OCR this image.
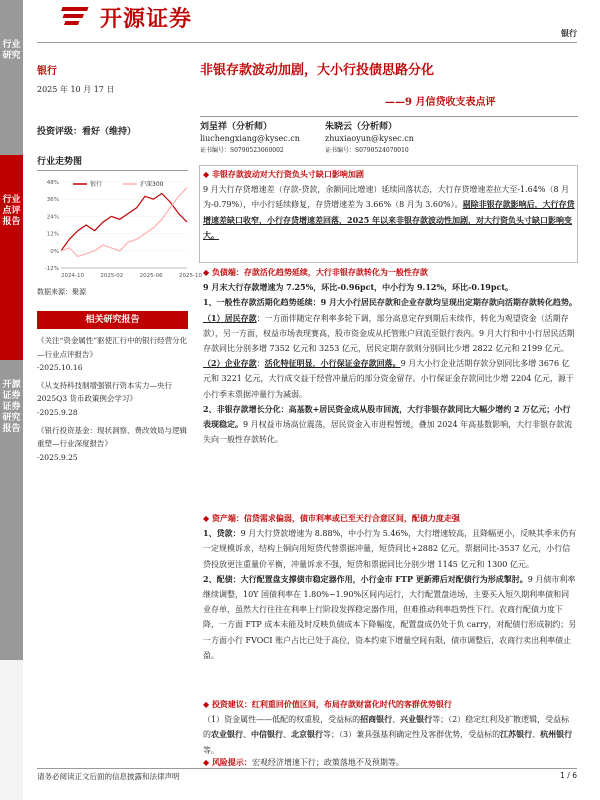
行业研究
行业点评报告
开源证券 证券研究报告
开源证券
银行
银行
2025 年 10 月 17 日
投资评级：看好（维持）
行业走势图
-12%
0%
12%
24%
36%
48%
2024-10	2025-02	2025-06	2025-10
银行	沪深300
数据来源：聚源
相关研究报告
《关注“资金属性”驱使汇行中的银行经营分化—行业点评报告》
-2025.10.16
《从支持科技制增强银行资本实力—央行 2025Q3 货币政策例会学习》
-2025.9.28
《银行投资基金：现状洞察、费改效局与逻辑重塑—行业深度报告》
-2025.9.25
非银存款波动加剧，大小行投债思路分化
——9 月信贷收支表点评
刘呈祥（分析师）
liuchengxiang@kysec.cn
证书编号：S0790523060002
朱晓云（分析师）
zhuxiaoyun@kysec.cn
证书编号：S0790524070010

◆ 非银存款波动对大行资负头寸缺口影响加剧

9 月大行存贷增速差（存款-贷款，余额同比增速）延续回落状态，大行存贷增速差拉大至-1.64%（8 月为-0.79%），中小行延续修复，存贷增速差为 3.66%（8 月为 3.60%）。剔除非银存款影响后，大行存贷增速差缺口收窄，小行存贷增速差回落，2025 年以来非银存款波动性加剧，对大行资负头寸缺口影响变大。

◆ 负债端：存款活化趋势延续，大行非银存款转化为一般性存款

9 月末大行存款增速为 7.25%，环比-0.96pct，中小行为 9.12%，环比-0.19pct。

1、一般性存款活期化趋势延续：9 月大小行居民存款和企业存款均呈现出定期存款向活期存款转化趋势。（1）居民存款：一方面伴随定存利率多轮下调，部分高息定存到期后未续作，转化为观望资金（活期存款），另一方面，权益市场表现赛高，股市资金成从托管账户回流至银行表内。9 月大行和中小行居民活期存款同比分别多增 7352 亿元和 3253 亿元，居民定期存款则分别同比少增 2822 亿元和 2199 亿元。（2）企业存款：活化特征明显，小行保证金存款回落。9 月大小行企业活期存款分别同比多增 3676 亿元和 3221 亿元，大行成交益于经营冲量后的部分资金留存。小行保证金存款同比少增 2204 亿元，源于小行季末票据冲量行为减弱。

2、非银存款增长分化：高基数+居民资金成从股市回流，大行非银存款同比大幅少增约 2 万亿元；小行表现稳定。9 月权益市场高位震荡，居民资金入市进程暂缓，叠加 2024 年高基数影响，大行非银存款流失向一般性存款转化。

◆ 资产端：信贷需求偏弱，债市利率或已至天行合意区间，配债力度走强

1、贷款：9 月大行贷款增速为 8.88%，中小行为 5.46%，大行增速较高，且降幅更小，反映其季末仍有一定规模诉求，结构上铜向用短贷代替票据冲量，短贷同比+2882 亿元，票据同比-3537 亿元，小行信贷投放更注重量价平衡，冲量诉求不强，短贷和票据同比分别少增 1145 亿元和 1300 亿元。

2、配债：大行配置盘支撑债市稳定器作用，小行金市 FTP 更新滞后对配债行为形成掣肘。9 月债市利率继续调整，10Y 国债利率在 1.80%~1.90%区间内运行，大行配置盘进场，主要买入短久期利率债和同业存单，虽然大行往往在利率上行阶段发挥稳定器作用，但难推动利率趋势性下行。农商行配债力度下降，一方面 FTP 成本未能及时反映负债成本下降幅度，配置盘成仍处于负 carry，对配债行形成制约；另一方面小行 FVOCI 账户占比已处于高位，资本约束下增量空间有限，债市调整后，农商行卖出利率债止盈。

◆ 投资建议：红利重回价值区间，布局存款财富化时代的客群优势银行

（1）资金属性——低配的权重股，受益标的招商银行、兴业银行等；（2）稳定红利及扩散逻辑，受益标的农业银行、中信银行、北京银行等；（3）兼具强基利确定性及客群优势，受益标的江苏银行、杭州银行等。

◆ 风险提示：宏观经济增速下行；政策落地不及预期等。

请务必阅读正文后面的信息披露和法律声明	1 / 6
